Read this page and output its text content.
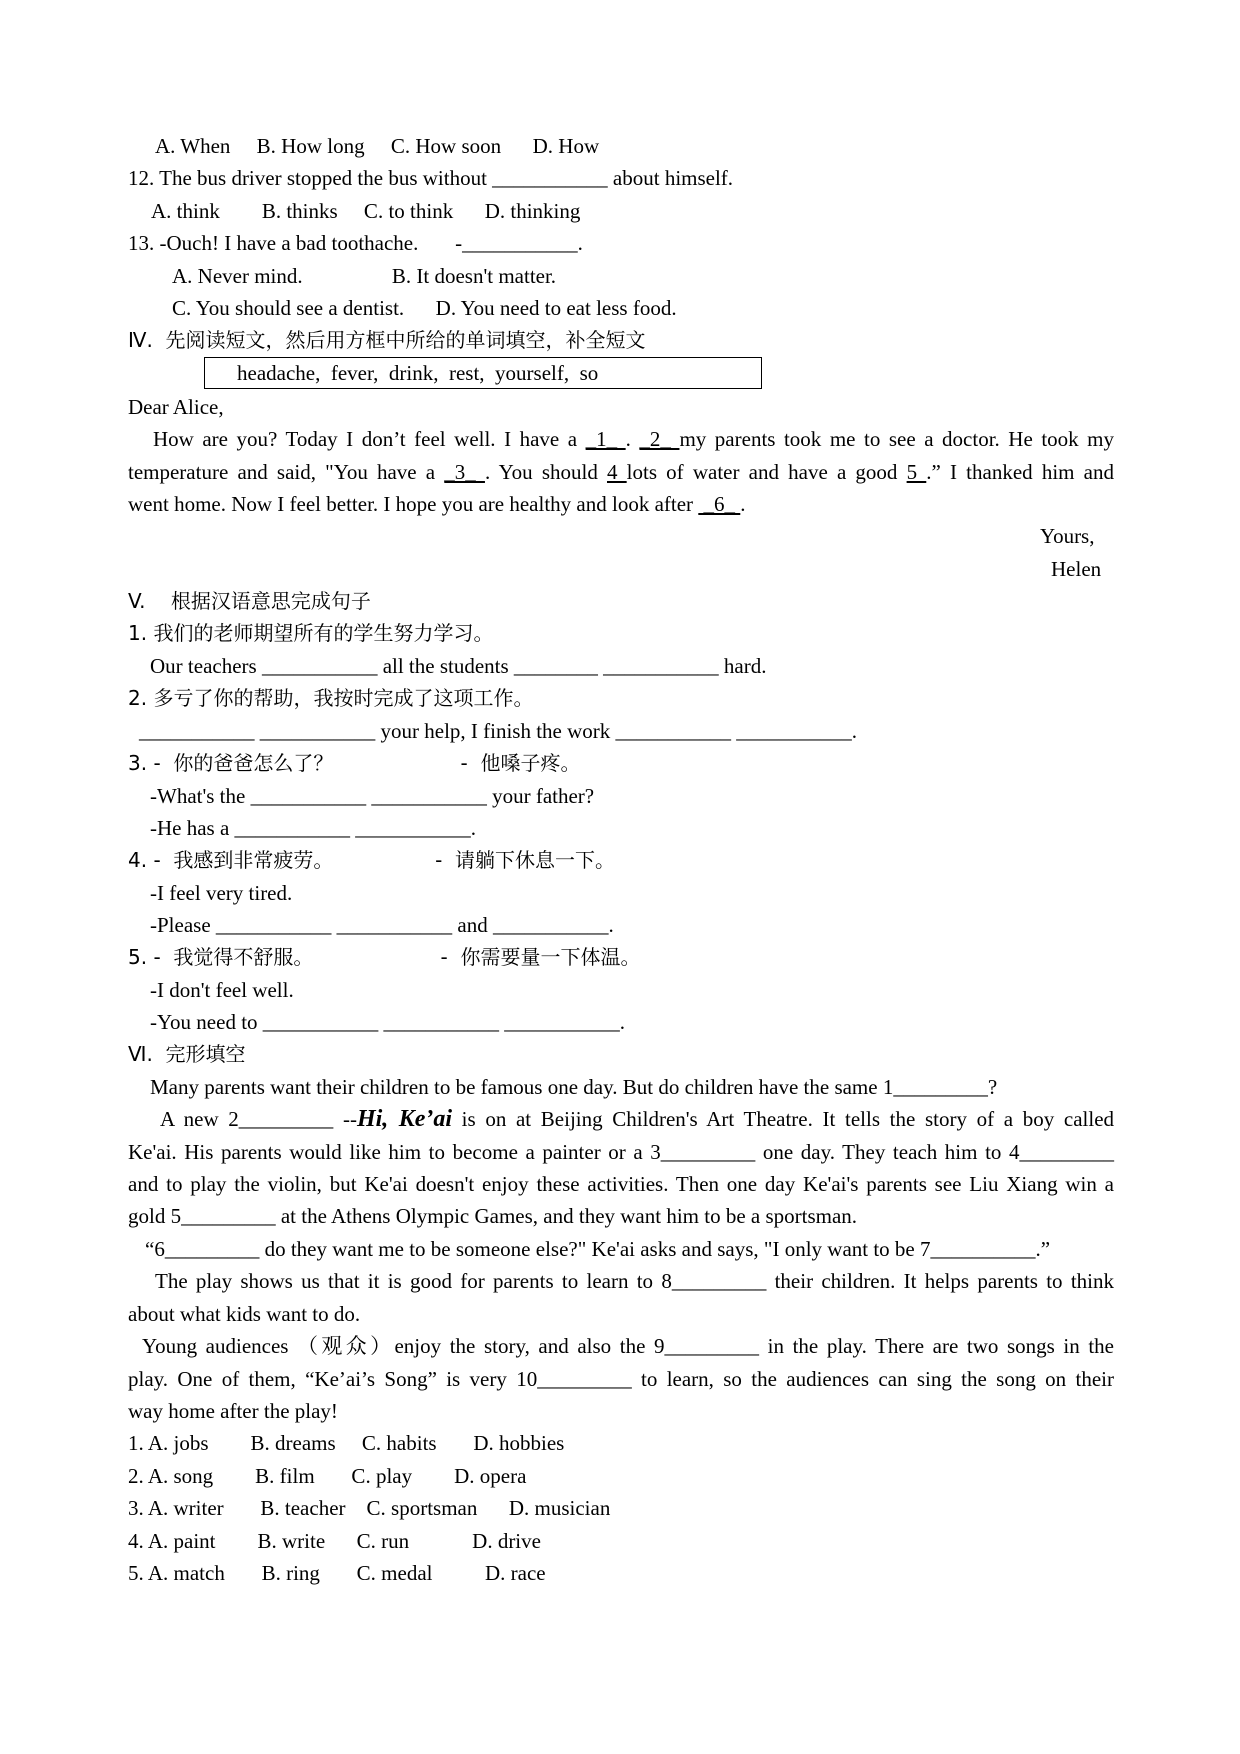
A. When     B. How long     C. How soon      D. How
12. The bus driver stopped the bus without ___________ about himself.
A. think        B. thinks     C. to think      D. thinking
13. -Ouch! I have a bad toothache.       -___________.
A. Never mind.                 B. It doesn't matter.
C. You should see a dentist.      D. You need to eat less food.
Ⅳ.  先阅读短文，然后用方框中所给的单词填空，补全短文
headache,  fever,  drink,  rest,  yourself,  so
Dear Alice,
How are you? Today I don’t feel well. I have a _1_ . _2_ my parents took me to see a doctor. He took my
temperature and said, "You have a _3_ . You should 4 lots of water and have a good 5 .” I thanked him and
went home. Now I feel better. I hope you are healthy and look after  _6_ .
Yours,
Helen
V.    根据汉语意思完成句子
1. 我们的老师期望所有的学生努力学习。
Our teachers ___________ all the students ________ ___________ hard.
2. 多亏了你的帮助，我按时完成了这项工作。
___________ ___________ your help, I finish the work ___________ ___________.
3. -  你的爸爸怎么了？                    -  他嗓子疼。
-What's the ___________ ___________ your father?
-He has a ___________ ___________.
4. -  我感到非常疲劳。                -  请躺下休息一下。
-I feel very tired.
-Please ___________ ___________ and ___________.
5. -  我觉得不舒服。                    -  你需要量一下体温。
-I don't feel well.
-You need to ___________ ___________ ___________.
Ⅵ.  完形填空
Many parents want their children to be famous one day. But do children have the same 1_________?
A new 2_________ --Hi, Ke’ai is on at Beijing Children's Art Theatre. It tells the story of a boy called
Ke'ai. His parents would like him to become a painter or a 3_________ one day. They teach him to 4_________
and to play the violin, but Ke'ai doesn't enjoy these activities. Then one day Ke'ai's parents see Liu Xiang win a
gold 5_________ at the Athens Olympic Games, and they want him to be a sportsman.
“6_________ do they want me to be someone else?" Ke'ai asks and says, "I only want to be 7__________.”
The play shows us that it is good for parents to learn to 8_________ their children. It helps parents to think
about what kids want to do.
Young audiences （观众）enjoy the story, and also the 9_________ in the play. There are two songs in the
play. One of them, “Ke’ai’s Song” is very 10_________ to learn, so the audiences can sing the song on their
way home after the play!
1. A. jobs        B. dreams     C. habits       D. hobbies
2. A. song        B. film       C. play        D. opera
3. A. writer       B. teacher    C. sportsman      D. musician
4. A. paint        B. write      C. run            D. drive
5. A. match       B. ring       C. medal          D. race
